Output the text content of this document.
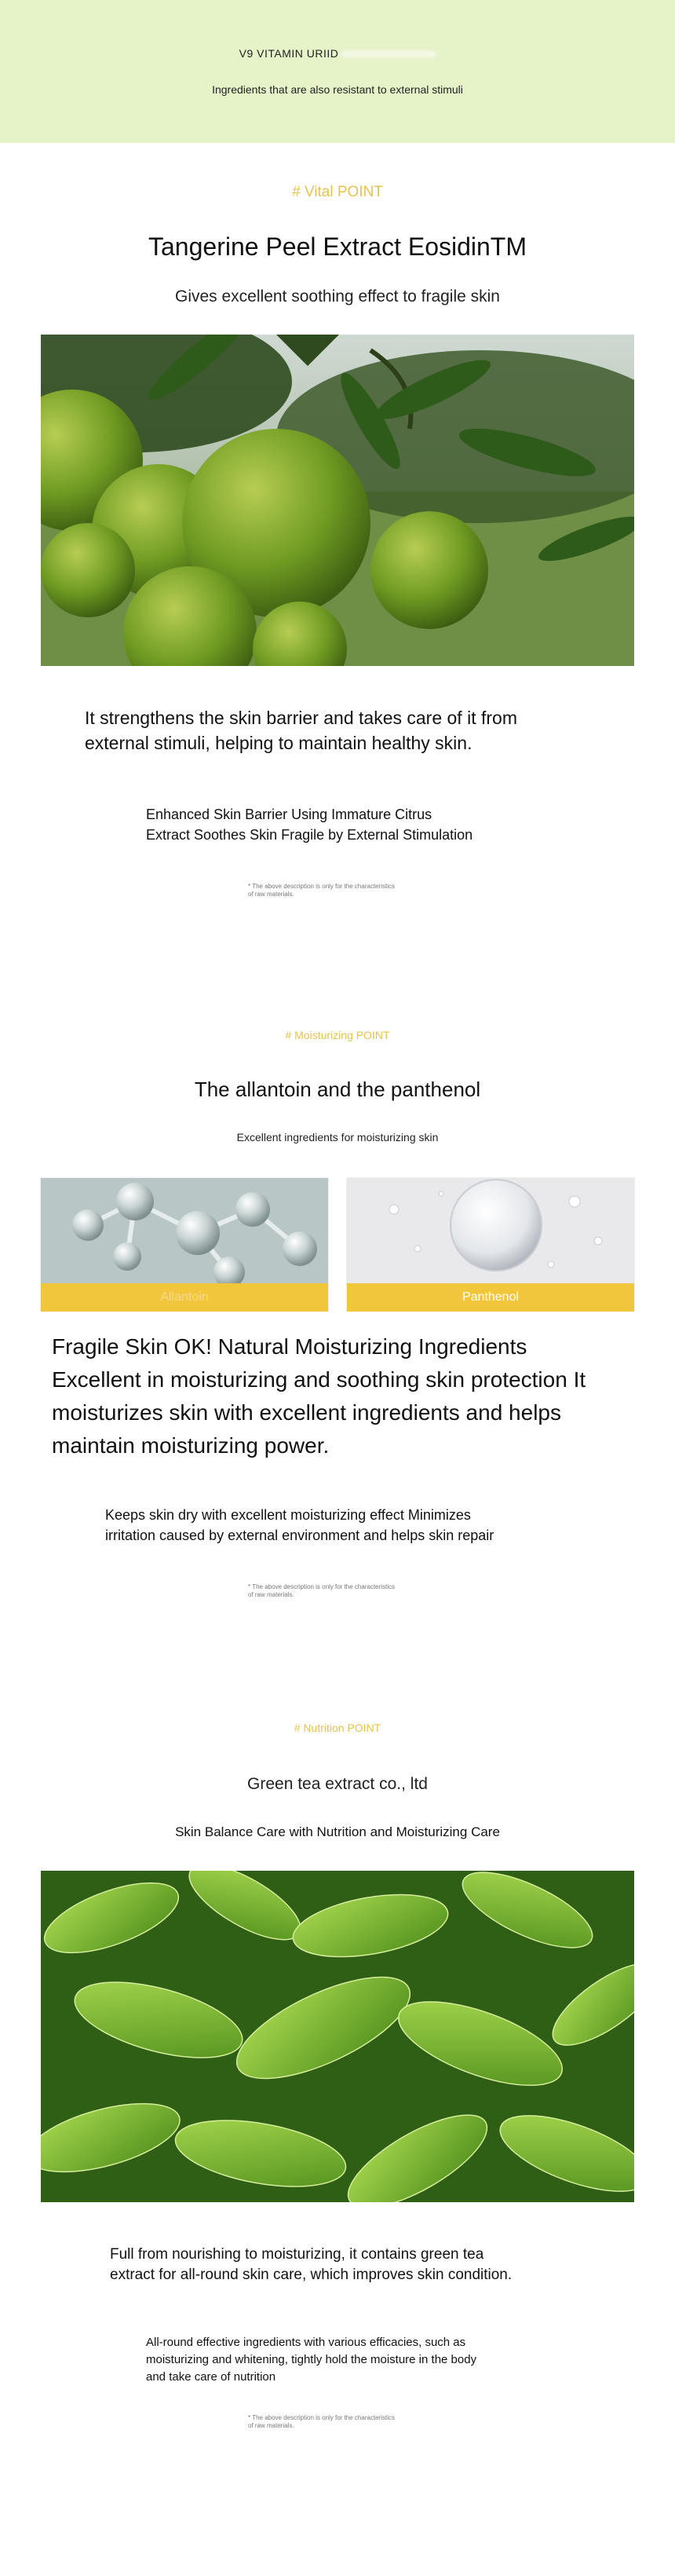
V9 VITAMIN URIID
Ingredients that are also resistant to external stimuli
# Vital POINT
Tangerine Peel Extract EosidinTM
Gives excellent soothing effect to fragile skin
It strengthens the skin barrier and takes care of it from
external stimuli, helping to maintain healthy skin.
Enhanced Skin Barrier Using Immature Citrus
Extract Soothes Skin Fragile by External Stimulation
* The above description is only for the characteristics
of raw materials.
# Moisturizing POINT
The allantoin and the panthenol
Excellent ingredients for moisturizing skin
Allantoin	Panthenol
Fragile Skin OK! Natural Moisturizing Ingredients
Excellent in moisturizing and soothing skin protection It
moisturizes skin with excellent ingredients and helps
maintain moisturizing power.
Keeps skin dry with excellent moisturizing effect Minimizes
irritation caused by external environment and helps skin repair
* The above description is only for the characteristics
of raw materials.
# Nutrition POINT
Green tea extract co., ltd
Skin Balance Care with Nutrition and Moisturizing Care
Full from nourishing to moisturizing, it contains green tea
extract for all-round skin care, which improves skin condition.
All-round effective ingredients with various efficacies, such as
moisturizing and whitening, tightly hold the moisture in the body
and take care of nutrition
* The above description is only for the characteristics
of raw materials.
